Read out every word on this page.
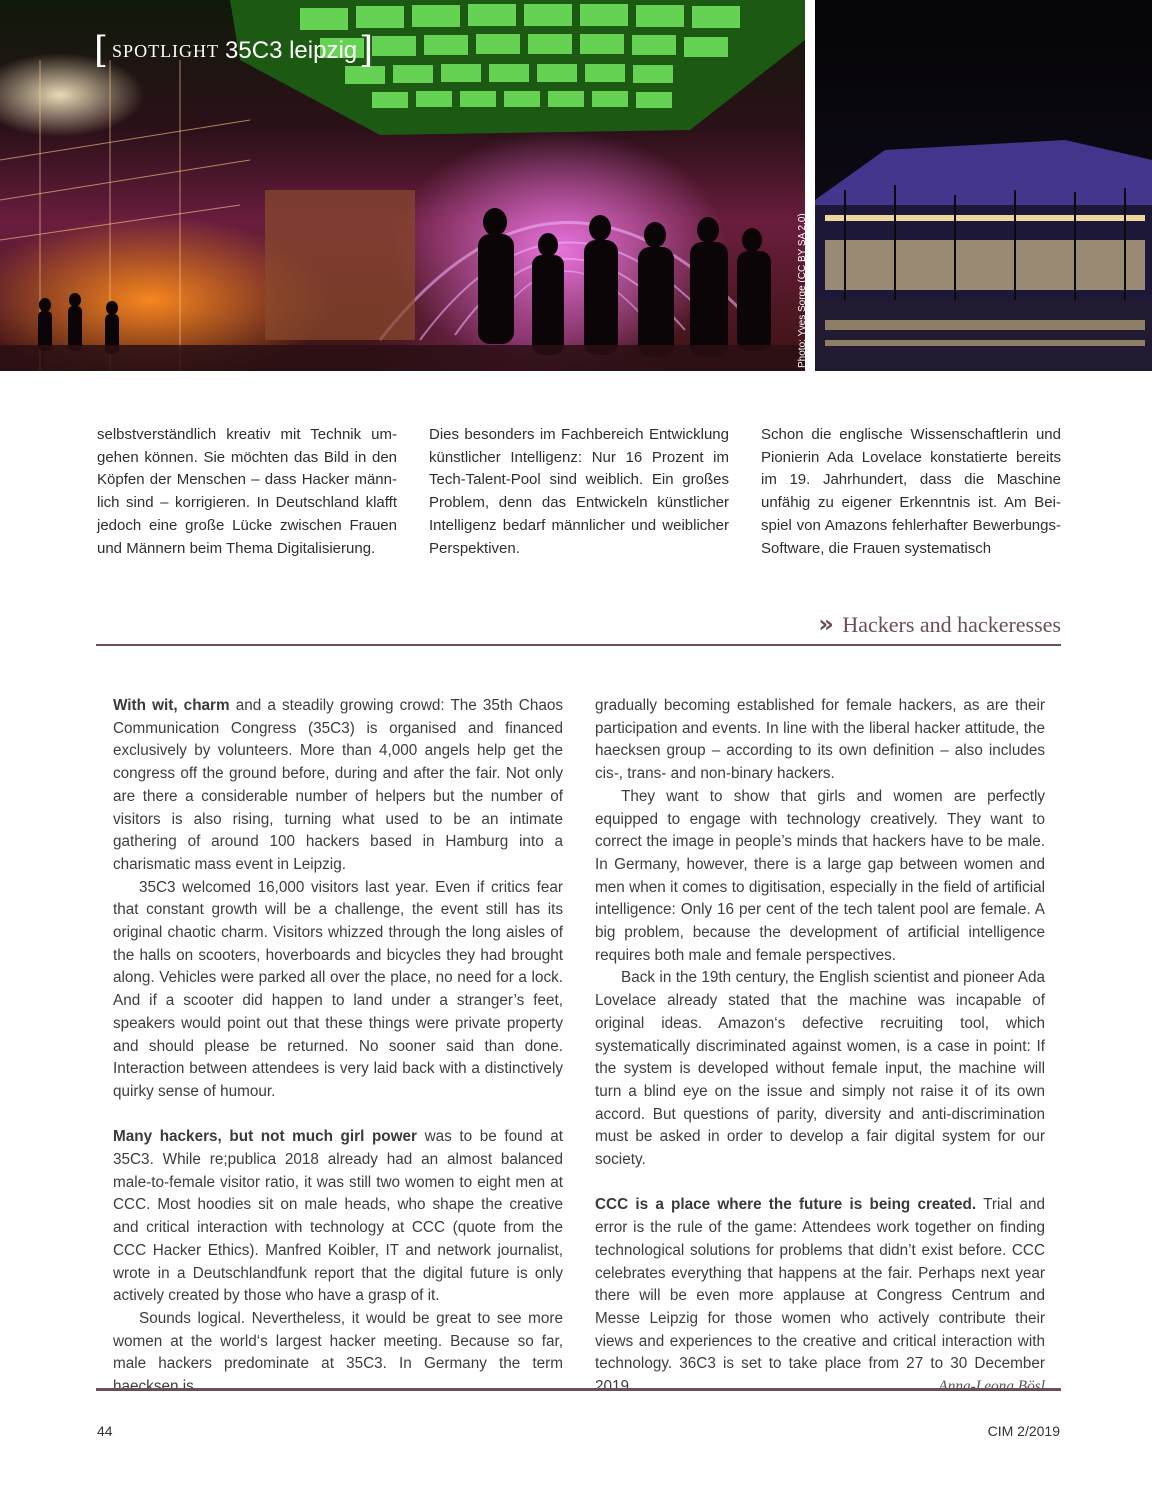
[ SPOTLIGHT 35C3 leipzig ]
Photo: Yves Sorge (CC BY SA 2.0)
selbstverständlich kreativ mit Technik umgehen können. Sie möchten das Bild in den Köpfen der Menschen – dass Hacker männlich sind – korrigieren. In Deutschland klafft jedoch eine große Lücke zwischen Frauen und Männern beim Thema Digitalisierung.
Dies besonders im Fachbereich Entwicklung künstlicher Intelligenz: Nur 16 Prozent im Tech-Talent-Pool sind weiblich. Ein großes Problem, denn das Entwickeln künstlicher Intelligenz bedarf männlicher und weiblicher Perspektiven.
Schon die englische Wissenschaftlerin und Pionierin Ada Lovelace konstatierte bereits im 19. Jahrhundert, dass die Maschine unfähig zu eigener Erkenntnis ist. Am Beispiel von Amazons fehlerhafter Bewerbungs-Software, die Frauen systematisch
» Hackers and hackeresses

With wit, charm and a steadily growing crowd: The 35th Chaos Communication Congress (35C3) is organised and financed exclusively by volunteers. More than 4,000 angels help get the congress off the ground before, during and after the fair. Not only are there a considerable number of helpers but the number of visitors is also rising, turning what used to be an intimate gathering of around 100 hackers based in Hamburg into a charismatic mass event in Leipzig.

35C3 welcomed 16,000 visitors last year. Even if critics fear that constant growth will be a challenge, the event still has its original chaotic charm. Visitors whizzed through the long aisles of the halls on scooters, hoverboards and bicycles they had brought along. Vehicles were parked all over the place, no need for a lock. And if a scooter did happen to land under a stranger’s feet, speakers would point out that these things were private property and should please be returned. No sooner said than done. Interaction between attendees is very laid back with a distinctively quirky sense of humour.

Many hackers, but not much girl power was to be found at 35C3. While re;publica 2018 already had an almost balanced male-to-female visitor ratio, it was still two women to eight men at CCC. Most hoodies sit on male heads, who shape the creative and critical interaction with technology at CCC (quote from the CCC Hacker Ethics). Manfred Koibler, IT and network journalist, wrote in a Deutschlandfunk report that the digital future is only actively created by those who have a grasp of it.

Sounds logical. Nevertheless, it would be great to see more women at the world‘s largest hacker meeting. Because so far, male hackers predominate at 35C3. In Germany the term haecksen is

gradually becoming established for female hackers, as are their participation and events. In line with the liberal hacker attitude, the haecksen group – according to its own definition – also includes cis-, trans- and non-binary hackers.

They want to show that girls and women are perfectly equipped to engage with technology creatively. They want to correct the image in people’s minds that hackers have to be male. In Germany, however, there is a large gap between women and men when it comes to digitisation, especially in the field of artificial intelligence: Only 16 per cent of the tech talent pool are female. A big problem, because the development of artificial intelligence requires both male and female perspectives.

Back in the 19th century, the English scientist and pioneer Ada Lovelace already stated that the machine was incapable of original ideas. Amazon‘s defective recruiting tool, which systematically discriminated against women, is a case in point: If the system is developed without female input, the machine will turn a blind eye on the issue and simply not raise it of its own accord. But questions of parity, diversity and anti-discrimination must be asked in order to develop a fair digital system for our society.

CCC is a place where the future is being created. Trial and error is the rule of the game: Attendees work together on finding technological solutions for problems that didn’t exist before. CCC celebrates everything that happens at the fair. Perhaps next year there will be even more applause at Congress Centrum and Messe Leipzig for those women who actively contribute their views and experiences to the creative and critical interaction with technology. 36C3 is set to take place from 27 to 30 December 2019.	Anna-Leona Bösl

44	CIM 2/2019
